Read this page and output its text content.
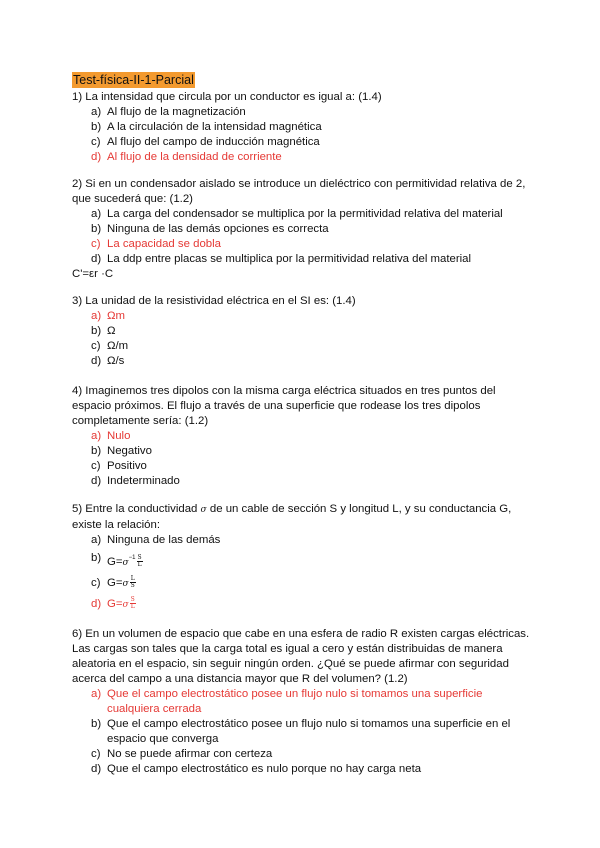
Test-física-II-1-Parcial

1) La intensidad que circula por un conductor es igual a: (1.4)

a) Al flujo de la magnetización
b) A la circulación de la intensidad magnética
c) Al flujo del campo de inducción magnética
d) Al flujo de la densidad de corriente

2) Si en un condensador aislado se introduce un dieléctrico con permitividad relativa de 2, que sucederá que: (1.2)

a) La carga del condensador se multiplica por la permitividad relativa del material
b) Ninguna de las demás opciones es correcta
c) La capacidad se dobla
d) La ddp entre placas se multiplica por la permitividad relativa del material

C'=εr ·C

3) La unidad de la resistividad eléctrica en el SI es: (1.4)

a) Ωm
b) Ω
c) Ω/m
d) Ω/s

4) Imaginemos tres dipolos con la misma carga eléctrica situados en tres puntos del espacio próximos. El flujo a través de una superficie que rodease los tres dipolos completamente sería: (1.2)

a) Nulo
b) Negativo
c) Positivo
d) Indeterminado

5) Entre la conductividad σ de un cable de sección S y longitud L, y su conductancia G, existe la relación:

a) Ninguna de las demás
b) $G=\sigma^{-1} \frac{S}{L}$
c) $G=\sigma \frac{L}{S}$
d) $G=\sigma \frac{S}{L}$

6) En un volumen de espacio que cabe en una esfera de radio R existen cargas eléctricas. Las cargas son tales que la carga total es igual a cero y están distribuidas de manera aleatoria en el espacio, sin seguir ningún orden. ¿Qué se puede afirmar con seguridad acerca del campo a una distancia mayor que R del volumen? (1.2)

a) Que el campo electrostático posee un flujo nulo si tomamos una superficie cualquiera cerrada
b) Que el campo electrostático posee un flujo nulo si tomamos una superficie en el espacio que converga
c) No se puede afirmar con certeza
d) Que el campo electrostático es nulo porque no hay carga neta
